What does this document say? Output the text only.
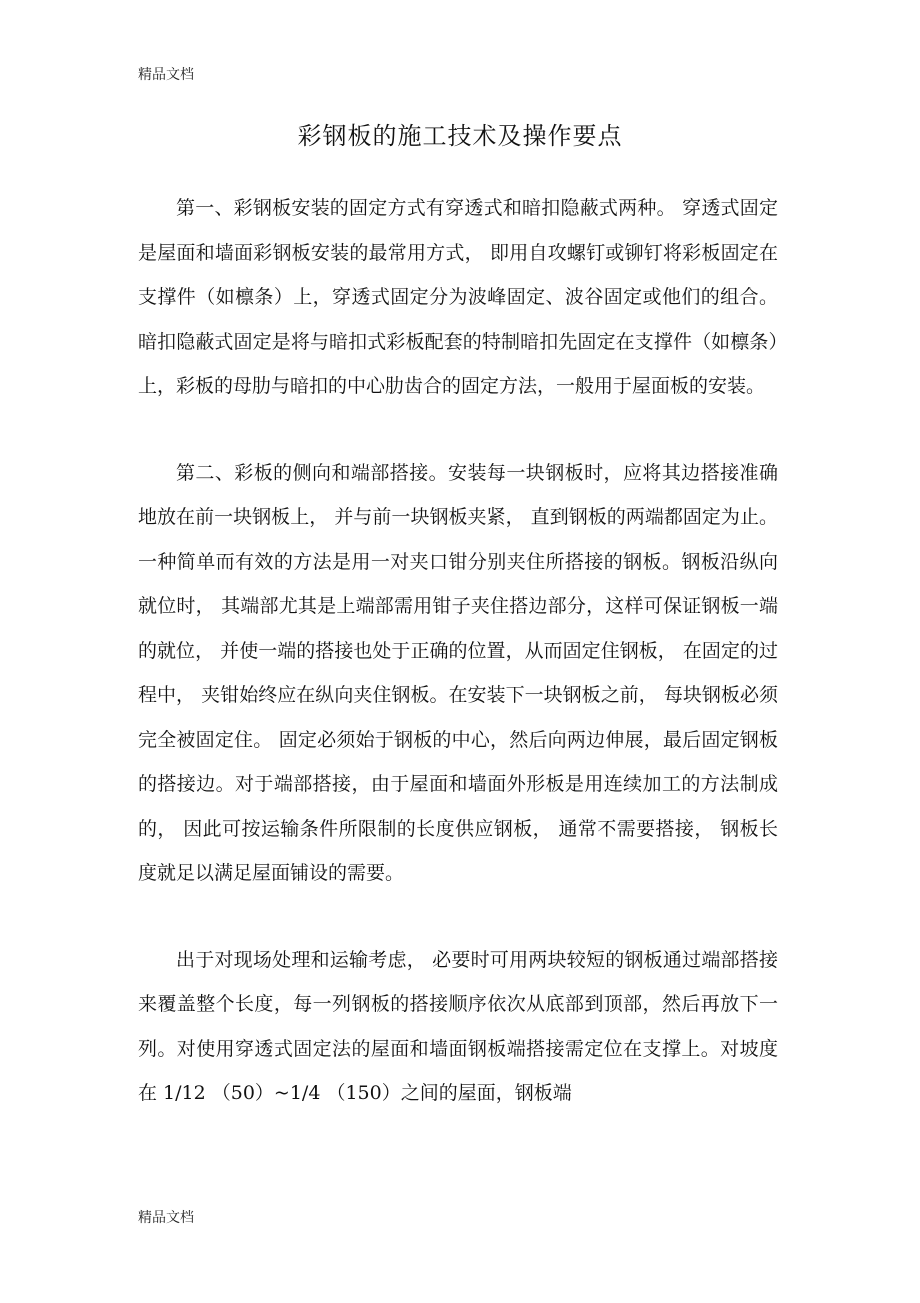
精品文档
彩钢板的施工技术及操作要点

第一、彩钢板安装的固定方式有穿透式和暗扣隐蔽式两种。 穿透式固定是屋面和墙面彩钢板安装的最常用方式， 即用自攻螺钉或铆钉将彩板固定在支撑件（如檩条）上，穿透式固定分为波峰固定、波谷固定或他们的组合。 暗扣隐蔽式固定是将与暗扣式彩板配套的特制暗扣先固定在支撑件（如檩条）上，彩板的母肋与暗扣的中心肋齿合的固定方法，一般用于屋面板的安装。

第二、彩板的侧向和端部搭接。安装每一块钢板时，应将其边搭接准确地放在前一块钢板上， 并与前一块钢板夹紧， 直到钢板的两端都固定为止。一种简单而有效的方法是用一对夹口钳分别夹住所搭接的钢板。钢板沿纵向就位时， 其端部尤其是上端部需用钳子夹住搭边部分，这样可保证钢板一端的就位， 并使一端的搭接也处于正确的位置，从而固定住钢板， 在固定的过程中， 夹钳始终应在纵向夹住钢板。在安装下一块钢板之前， 每块钢板必须完全被固定住。 固定必须始于钢板的中心，然后向两边伸展，最后固定钢板的搭接边。对于端部搭接，由于屋面和墙面外形板是用连续加工的方法制成的， 因此可按运输条件所限制的长度供应钢板， 通常不需要搭接， 钢板长度就足以满足屋面铺设的需要。

出于对现场处理和运输考虑， 必要时可用两块较短的钢板通过端部搭接来覆盖整个长度，每一列钢板的搭接顺序依次从底部到顶部，然后再放下一列。对使用穿透式固定法的屋面和墙面钢板端搭接需定位在支撑上。对坡度在 1/12 （50）~1/4 （150）之间的屋面，钢板端

精品文档
